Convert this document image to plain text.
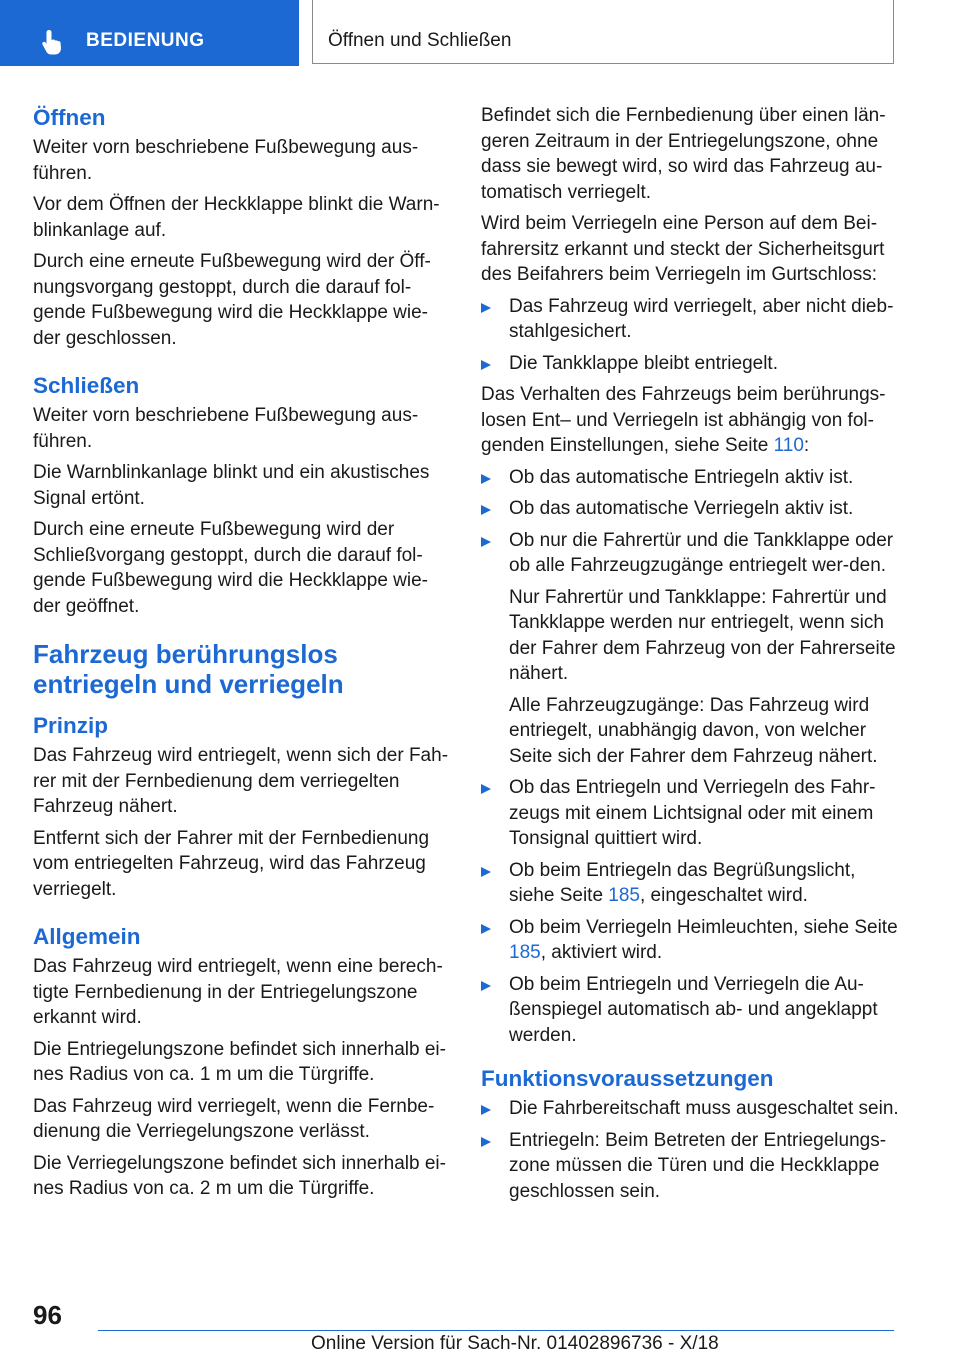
BEDIENUNG	Öffnen und Schließen
Öffnen

Weiter vorn beschriebene Fußbewegung aus-führen.

Vor dem Öffnen der Heckklappe blinkt die Warn-blinkanlage auf.

Durch eine erneute Fußbewegung wird der Öff-nungsvorgang gestoppt, durch die darauf fol-gende Fußbewegung wird die Heckklappe wie-der geschlossen.

Schließen

Weiter vorn beschriebene Fußbewegung aus-führen.

Die Warnblinkanlage blinkt und ein akustisches Signal ertönt.

Durch eine erneute Fußbewegung wird der Schließvorgang gestoppt, durch die darauf fol-gende Fußbewegung wird die Heckklappe wie-der geöffnet.

Fahrzeug berührungslos entriegeln und verriegeln
Prinzip

Das Fahrzeug wird entriegelt, wenn sich der Fah-rer mit der Fernbedienung dem verriegelten Fahrzeug nähert.

Entfernt sich der Fahrer mit der Fernbedienung vom entriegelten Fahrzeug, wird das Fahrzeug verriegelt.

Allgemein

Das Fahrzeug wird entriegelt, wenn eine berech-tigte Fernbedienung in der Entriegelungszone erkannt wird.

Die Entriegelungszone befindet sich innerhalb ei-nes Radius von ca. 1 m um die Türgriffe.

Das Fahrzeug wird verriegelt, wenn die Fernbe-dienung die Verriegelungszone verlässt.

Die Verriegelungszone befindet sich innerhalb ei-nes Radius von ca. 2 m um die Türgriffe.

Befindet sich die Fernbedienung über einen län-geren Zeitraum in der Entriegelungszone, ohne dass sie bewegt wird, so wird das Fahrzeug au-tomatisch verriegelt.

Wird beim Verriegeln eine Person auf dem Bei-fahrersitz erkannt und steckt der Sicherheitsgurt des Beifahrers beim Verriegeln im Gurtschloss:

Das Fahrzeug wird verriegelt, aber nicht dieb-stahlgesichert.
Die Tankklappe bleibt entriegelt.

Das Verhalten des Fahrzeugs beim berührungs-losen Ent– und Verriegeln ist abhängig von fol-genden Einstellungen, siehe Seite 110:

Ob das automatische Entriegeln aktiv ist.
Ob das automatische Verriegeln aktiv ist.
Ob nur die Fahrertür und die Tankklappe oder ob alle Fahrzeugzugänge entriegelt wer-den.

Nur Fahrertür und Tankklappe: Fahrertür und Tankklappe werden nur entriegelt, wenn sich der Fahrer dem Fahrzeug von der Fahrerseite nähert.

Alle Fahrzeugzugänge: Das Fahrzeug wird entriegelt, unabhängig davon, von welcher Seite sich der Fahrer dem Fahrzeug nähert.

Ob das Entriegeln und Verriegeln des Fahr-zeugs mit einem Lichtsignal oder mit einem Tonsignal quittiert wird.
Ob beim Entriegeln das Begrüßungslicht, siehe Seite 185, eingeschaltet wird.
Ob beim Verriegeln Heimleuchten, siehe Seite 185, aktiviert wird.
Ob beim Entriegeln und Verriegeln die Au-ßenspiegel automatisch ab- und angeklappt werden.
Funktionsvoraussetzungen
Die Fahrbereitschaft muss ausgeschaltet sein.
Entriegeln: Beim Betreten der Entriegelungs-zone müssen die Türen und die Heckklappe geschlossen sein.
96
Online Version für Sach-Nr. 01402896736 - X/18
